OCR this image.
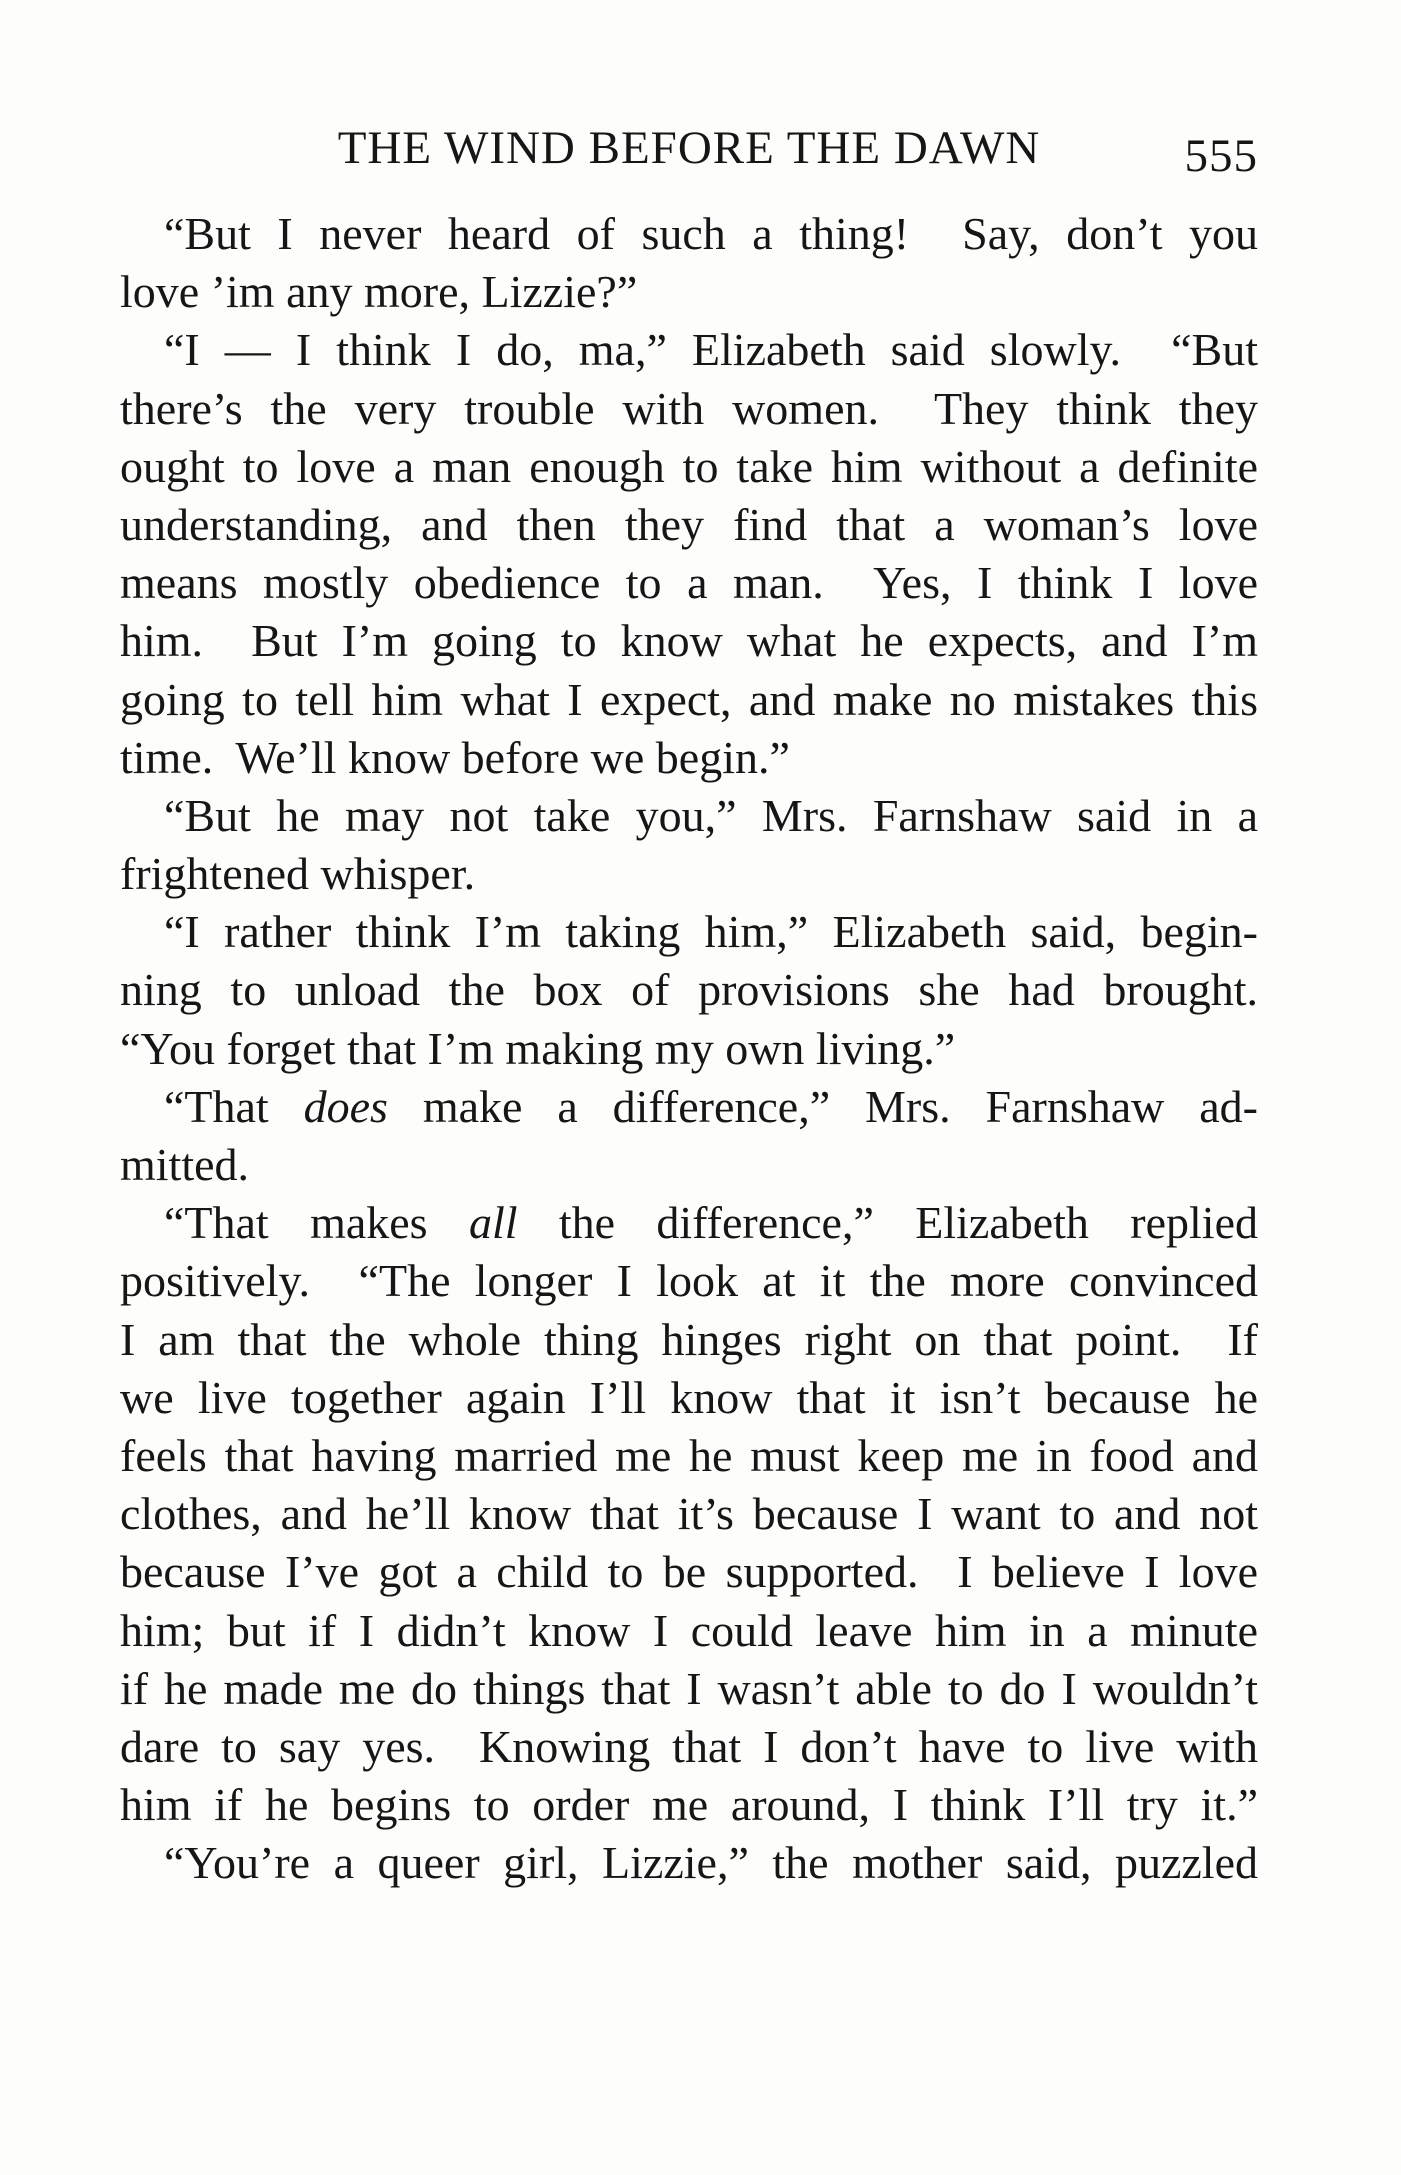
THE WIND BEFORE THE DAWN	555
“But I never heard of such a thing!  Say, don’t you
love ’im any more, Lizzie?”
“I — I think I do, ma,” Elizabeth said slowly.  “But
there’s the very trouble with women.  They think they
ought to love a man enough to take him without a definite
understanding, and then they find that a woman’s love
means mostly obedience to a man.  Yes, I think I love
him.  But I’m going to know what he expects, and I’m
going to tell him what I expect, and make no mistakes this
time.  We’ll know before we begin.”
“But he may not take you,” Mrs. Farnshaw said in a
frightened whisper.
“I rather think I’m taking him,” Elizabeth said, begin-
ning to unload the box of provisions she had brought.
“You forget that I’m making my own living.”
“That does make a difference,” Mrs. Farnshaw ad-
mitted.
“That makes all the difference,” Elizabeth replied
positively.  “The longer I look at it the more convinced
I am that the whole thing hinges right on that point.  If
we live together again I’ll know that it isn’t because he
feels that having married me he must keep me in food and
clothes, and he’ll know that it’s because I want to and not
because I’ve got a child to be supported.  I believe I love
him; but if I didn’t know I could leave him in a minute
if he made me do things that I wasn’t able to do I wouldn’t
dare to say yes.  Knowing that I don’t have to live with
him if he begins to order me around, I think I’ll try it.”
“You’re a queer girl, Lizzie,” the mother said, puzzled
